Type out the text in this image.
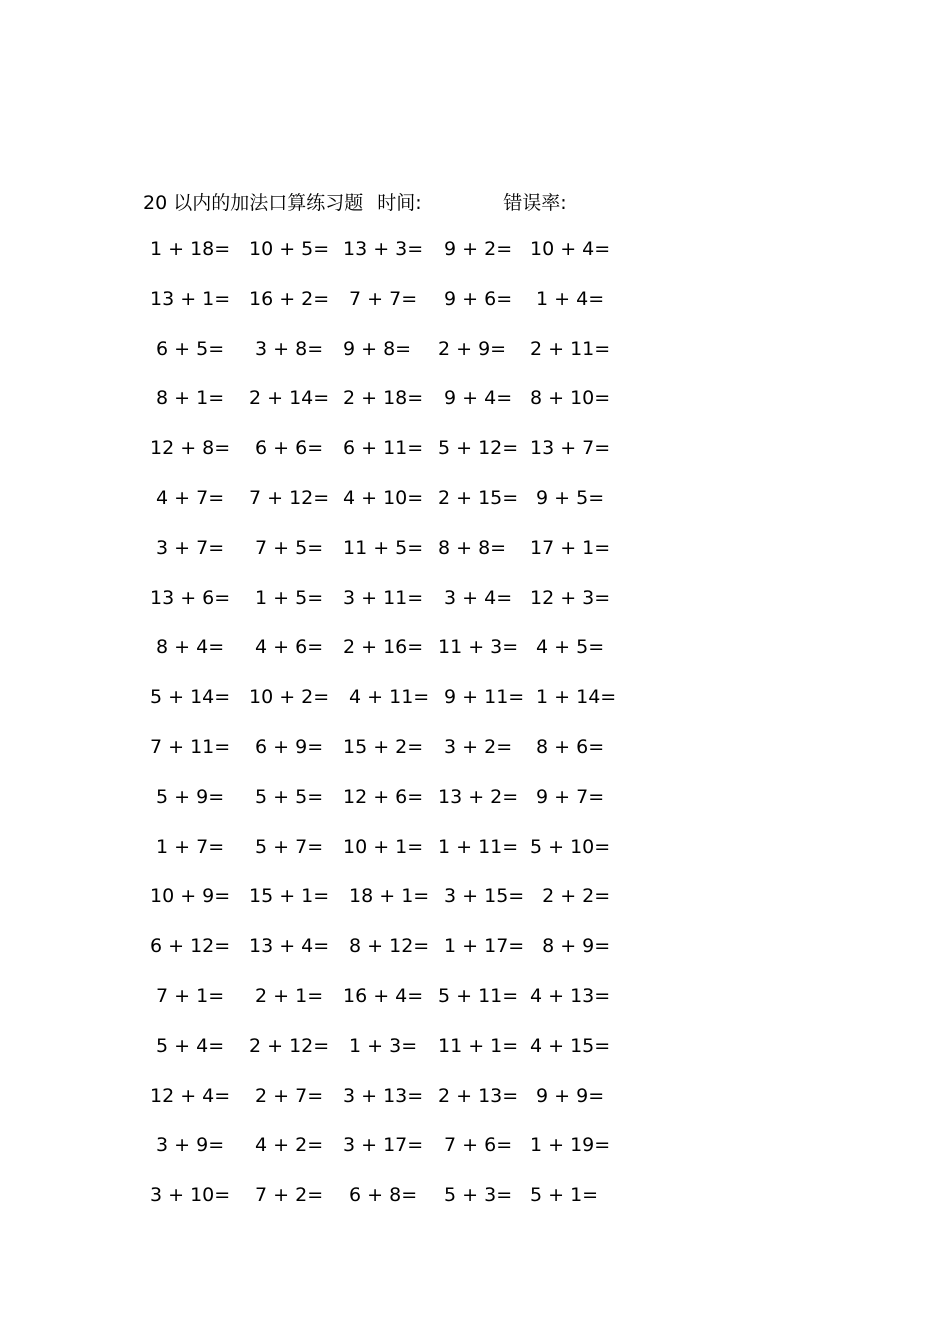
20 以内的加法口算练习题 时间:	错误率:
1 + 18= 10 + 5= 13 + 3= 9 + 2= 10 + 4=
13 + 1= 16 + 2= 7 + 7= 9 + 6= 1 + 4=
6 + 5= 3 + 8= 9 + 8= 2 + 9= 2 + 11=
8 + 1= 2 + 14= 2 + 18= 9 + 4= 8 + 10=
12 + 8= 6 + 6= 6 + 11= 5 + 12= 13 + 7=
4 + 7= 7 + 12= 4 + 10= 2 + 15= 9 + 5=
3 + 7= 7 + 5= 11 + 5= 8 + 8= 17 + 1=
13 + 6= 1 + 5= 3 + 11= 3 + 4= 12 + 3=
8 + 4= 4 + 6= 2 + 16= 11 + 3= 4 + 5=
5 + 14= 10 + 2= 4 + 11= 9 + 11= 1 + 14=
7 + 11= 6 + 9= 15 + 2= 3 + 2= 8 + 6=
5 + 9= 5 + 5= 12 + 6= 13 + 2= 9 + 7=
1 + 7= 5 + 7= 10 + 1= 1 + 11= 5 + 10=
10 + 9= 15 + 1= 18 + 1= 3 + 15= 2 + 2=
6 + 12= 13 + 4= 8 + 12= 1 + 17= 8 + 9=
7 + 1= 2 + 1= 16 + 4= 5 + 11= 4 + 13=
5 + 4= 2 + 12= 1 + 3= 11 + 1= 4 + 15=
12 + 4= 2 + 7= 3 + 13= 2 + 13= 9 + 9=
3 + 9= 4 + 2= 3 + 17= 7 + 6= 1 + 19=
3 + 10= 7 + 2= 6 + 8= 5 + 3= 5 + 1=
